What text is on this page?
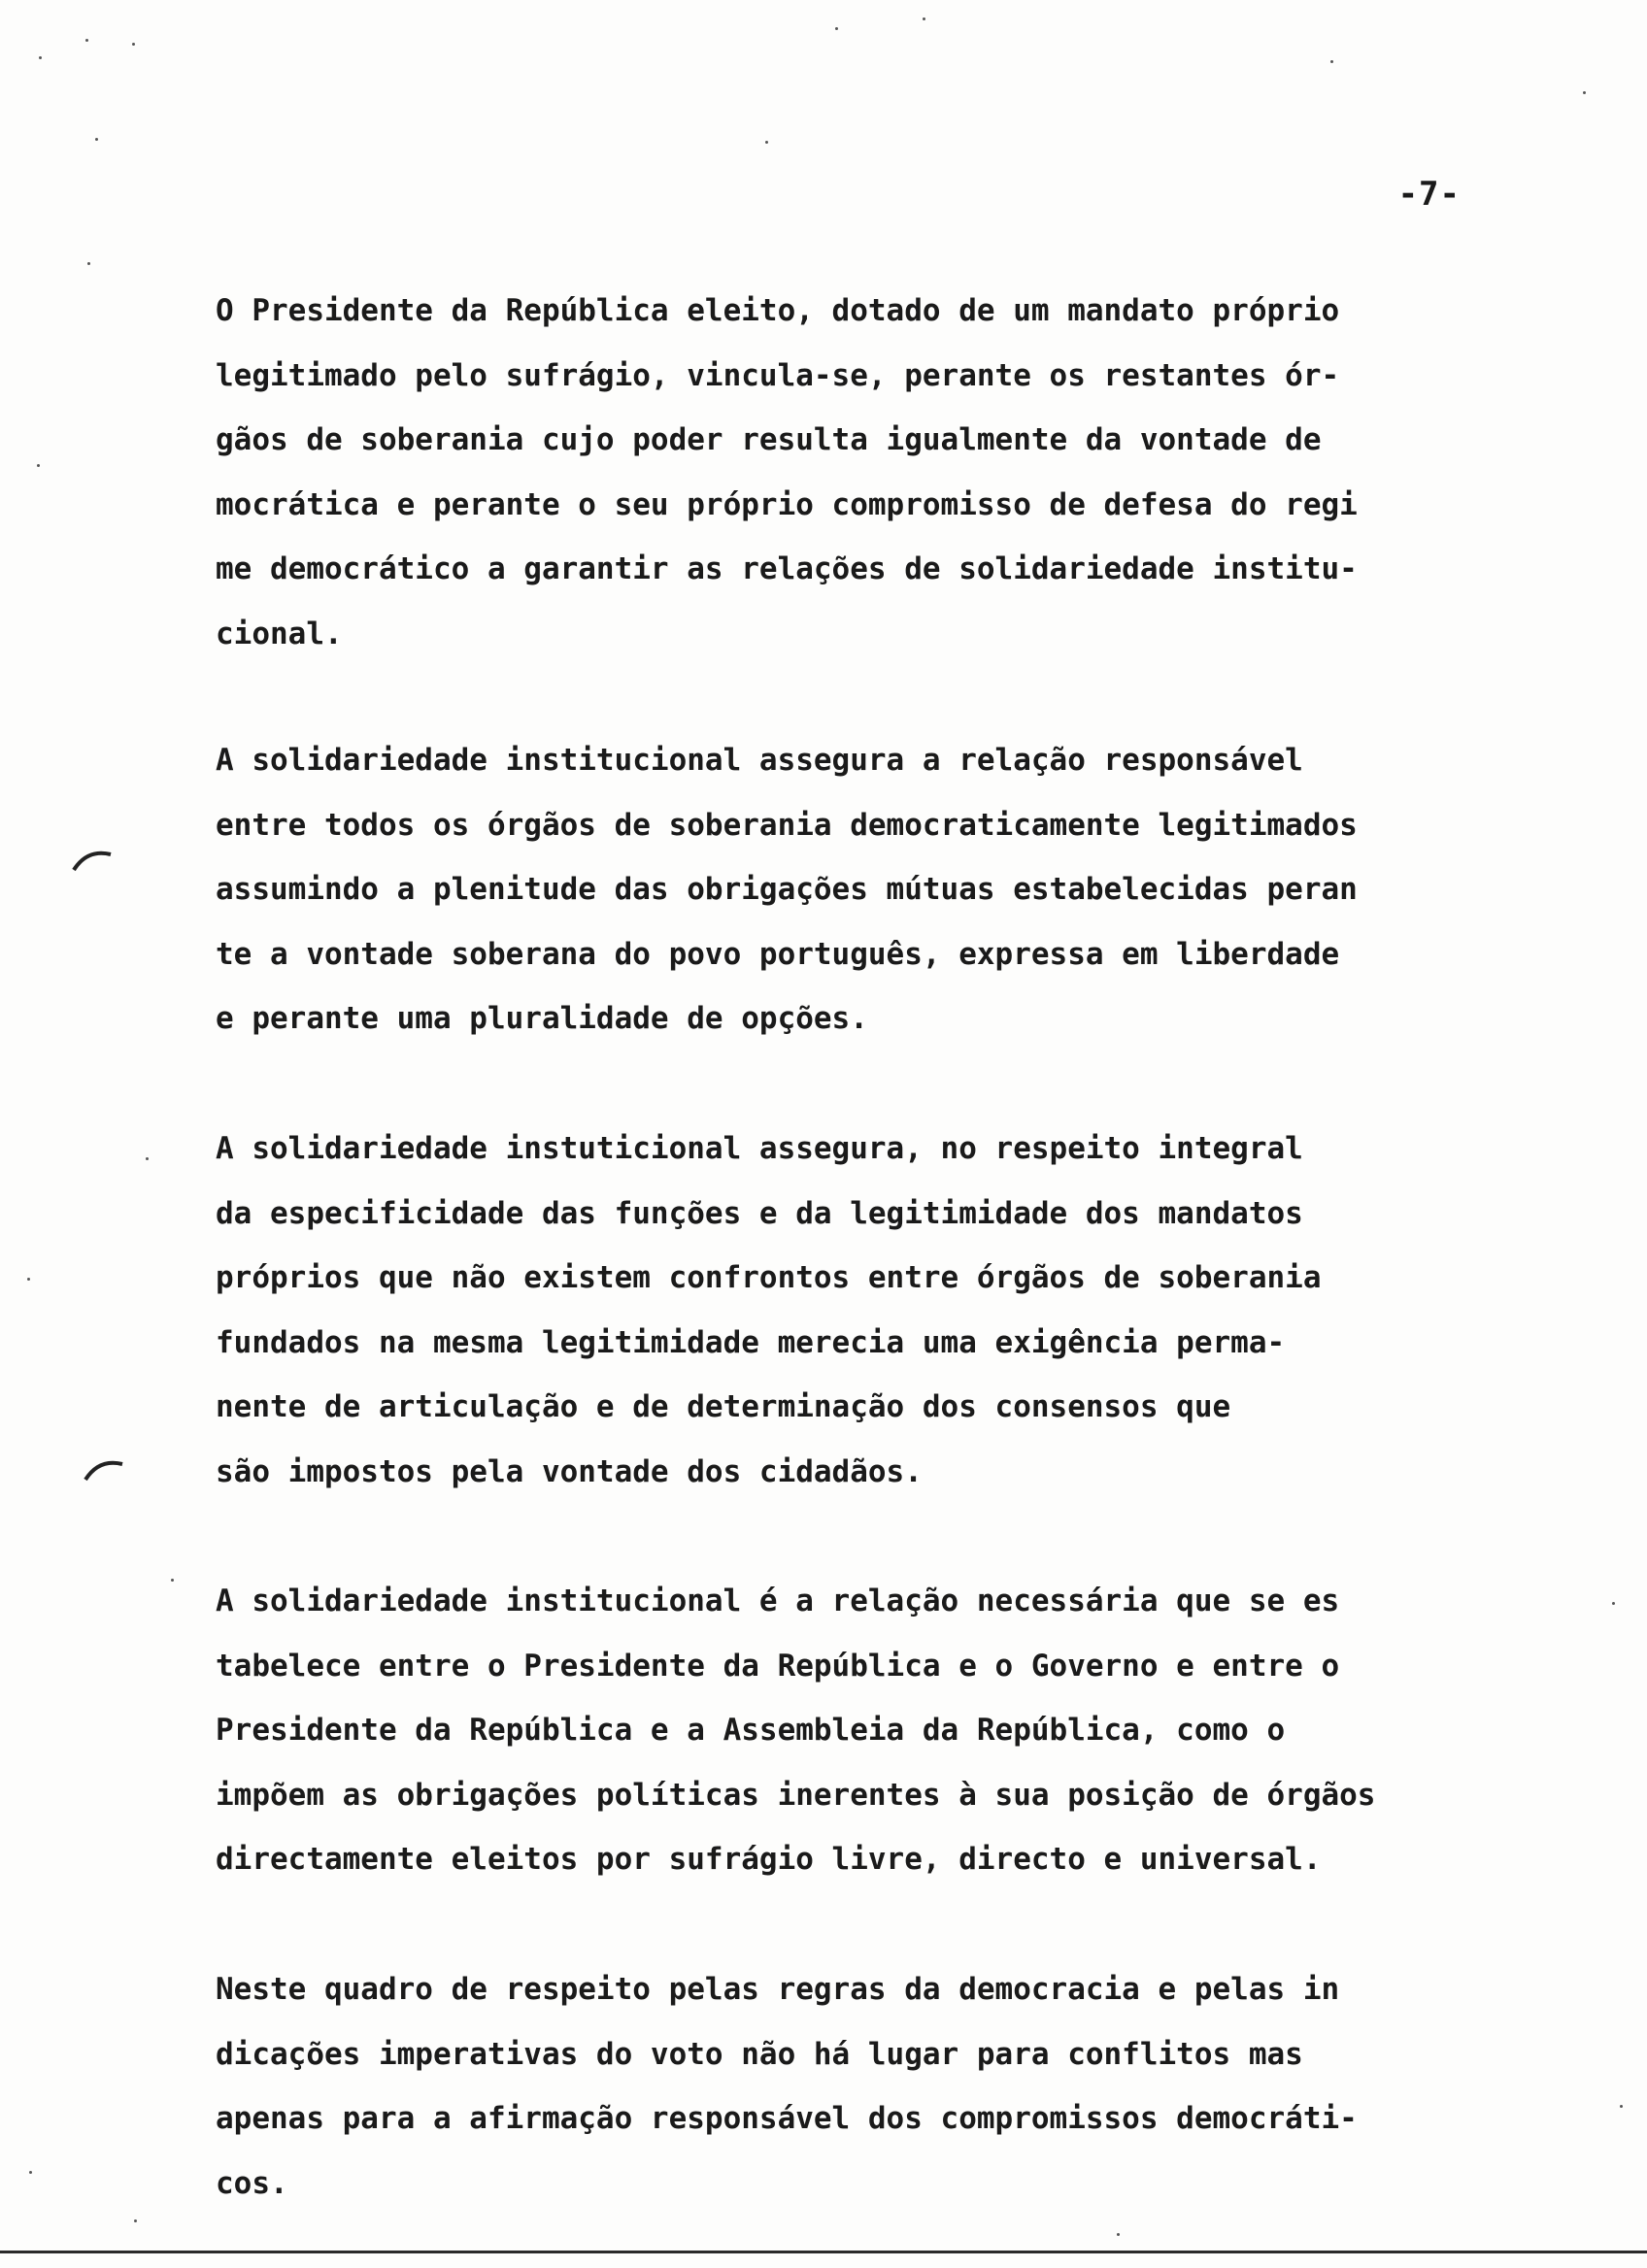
-7-
O Presidente da República eleito, dotado de um mandato próprio
legitimado pelo sufrágio, vincula-se, perante os restantes ór-
gãos de soberania cujo poder resulta igualmente da vontade de
mocrática e perante o seu próprio compromisso de defesa do regi
me democrático a garantir as relações de solidariedade institu-
cional.
A solidariedade institucional assegura a relação responsável
entre todos os órgãos de soberania democraticamente legitimados
assumindo a plenitude das obrigações mútuas estabelecidas peran
te a vontade soberana do povo português, expressa em liberdade
e perante uma pluralidade de opções.
A solidariedade instuticional assegura, no respeito integral
da especificidade das funções e da legitimidade dos mandatos
próprios que não existem confrontos entre órgãos de soberania
fundados na mesma legitimidade merecia uma exigência perma-
nente de articulação e de determinação dos consensos que
são impostos pela vontade dos cidadãos.
A solidariedade institucional é a relação necessária que se es
tabelece entre o Presidente da República e o Governo e entre o
Presidente da República e a Assembleia da República, como o
impõem as obrigações políticas inerentes à sua posição de órgãos
directamente eleitos por sufrágio livre, directo e universal.
Neste quadro de respeito pelas regras da democracia e pelas in
dicações imperativas do voto não há lugar para conflitos mas
apenas para a afirmação responsável dos compromissos democráti-
cos.
